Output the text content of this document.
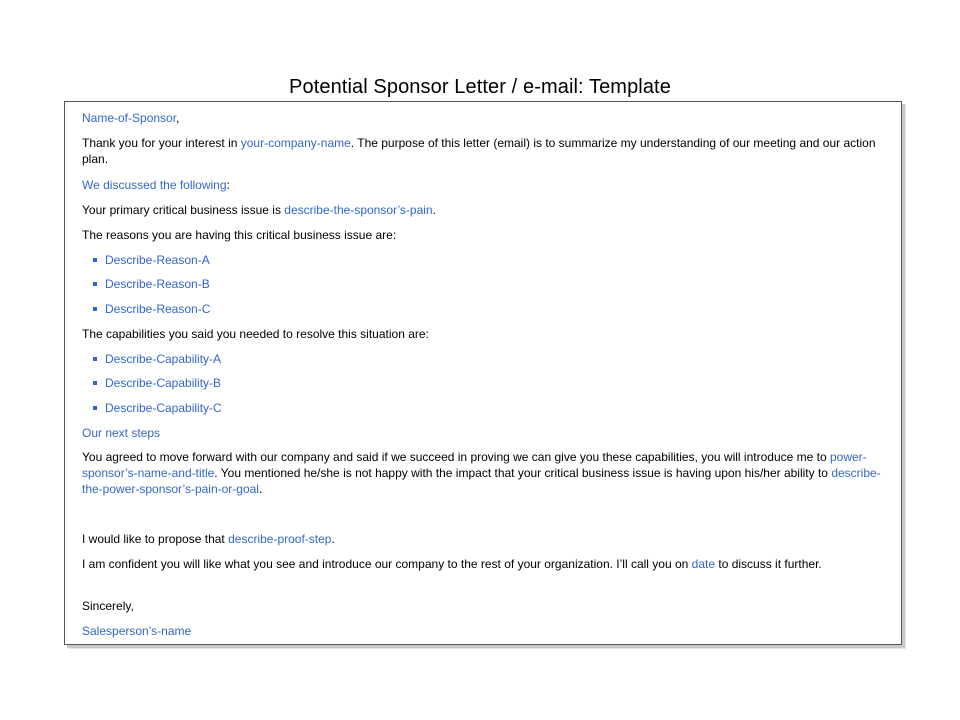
Potential Sponsor Letter / e-mail: Template

Name-of-Sponsor,

Thank you for your interest in your-company-name. The purpose of this letter (email) is to summarize my understanding of our meeting and our action plan.

We discussed the following:

Your primary critical business issue is describe-the-sponsor’s-pain.

The reasons you are having this critical business issue are:

Describe-Reason-A
Describe-Reason-B
Describe-Reason-C

The capabilities you said you needed to resolve this situation are:

Describe-Capability-A
Describe-Capability-B
Describe-Capability-C

Our next steps

You agreed to move forward with our company and said if we succeed in proving we can give you these capabilities, you will introduce me to power-sponsor’s-name-and-title. You mentioned he/she is not happy with the impact that your critical business issue is having upon his/her ability to describe-the-power-sponsor’s-pain-or-goal.

I would like to propose that describe-proof-step.

I am confident you will like what you see and introduce our company to the rest of your organization. I’ll call you on date to discuss it further.

Sincerely,

Salesperson’s-name
